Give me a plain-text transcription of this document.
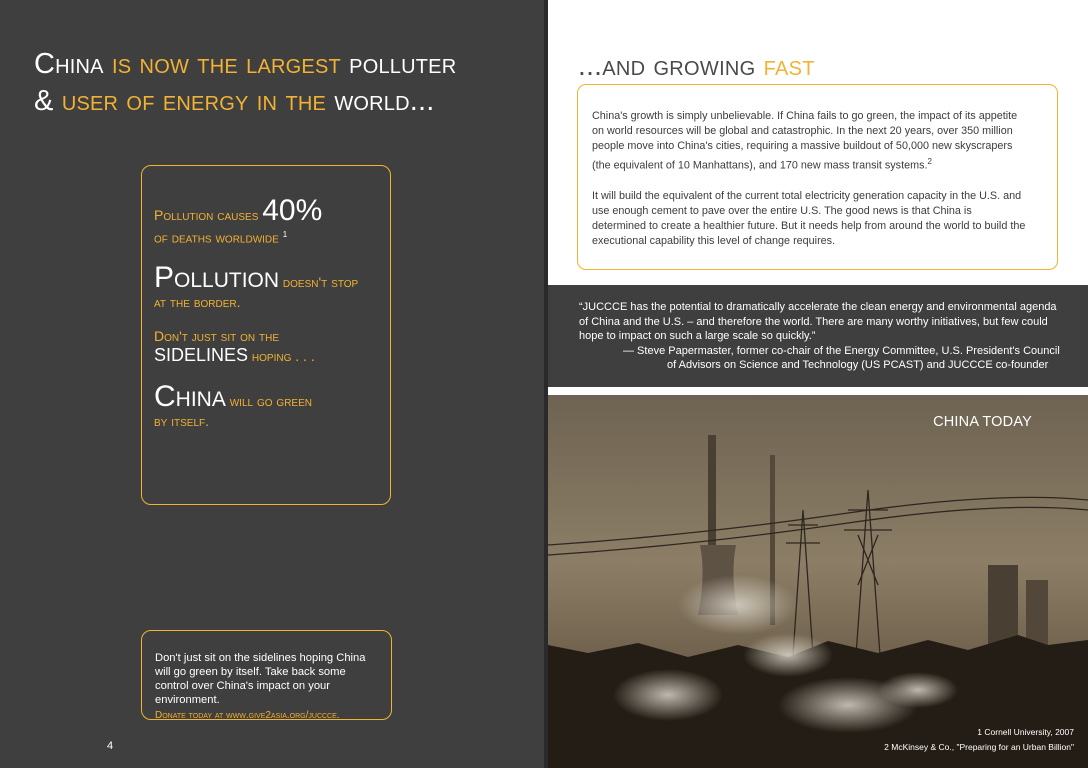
China is now the largest polluter
& user of energy in the world...
Pollution causes 40%
of deaths worldwide $^1$
Pollution doesn't stop
at the border.
Don't just sit on the
sidelines hoping . . .
China will go green
by itself.
Don't just sit on the sidelines hoping China will go green by itself. Take back some control over China's impact on your environment.
Donate today at www.give2asia.org/juccce.
4
...and growing fast

China's growth is simply unbelievable. If China fails to go green, the impact of its appetite on world resources will be global and catastrophic. In the next 20 years, over 350 million people move into China's cities, requiring a massive buildout of 50,000 new skyscrapers (the equivalent of 10 Manhattans), and 170 new mass transit systems.$^2$

It will build the equivalent of the current total electricity generation capacity in the U.S. and use enough cement to pave over the entire U.S. The good news is that China is determined to create a healthier future. But it needs help from around the world to build the executional capability this level of change requires.

“JUCCCE has the potential to dramatically accelerate the clean energy and environmental agenda of China and the U.S. – and therefore the world. There are many worthy initiatives, but few could hope to impact on such a large scale so quickly.”
— Steve Papermaster, former co-chair of the Energy Committee, U.S. President's Council
of Advisors on Science and Technology (US PCAST) and JUCCCE co-founder
CHINA TODAY
1 Cornell University, 2007
2 McKinsey & Co., "Preparing for an Urban Billion"
